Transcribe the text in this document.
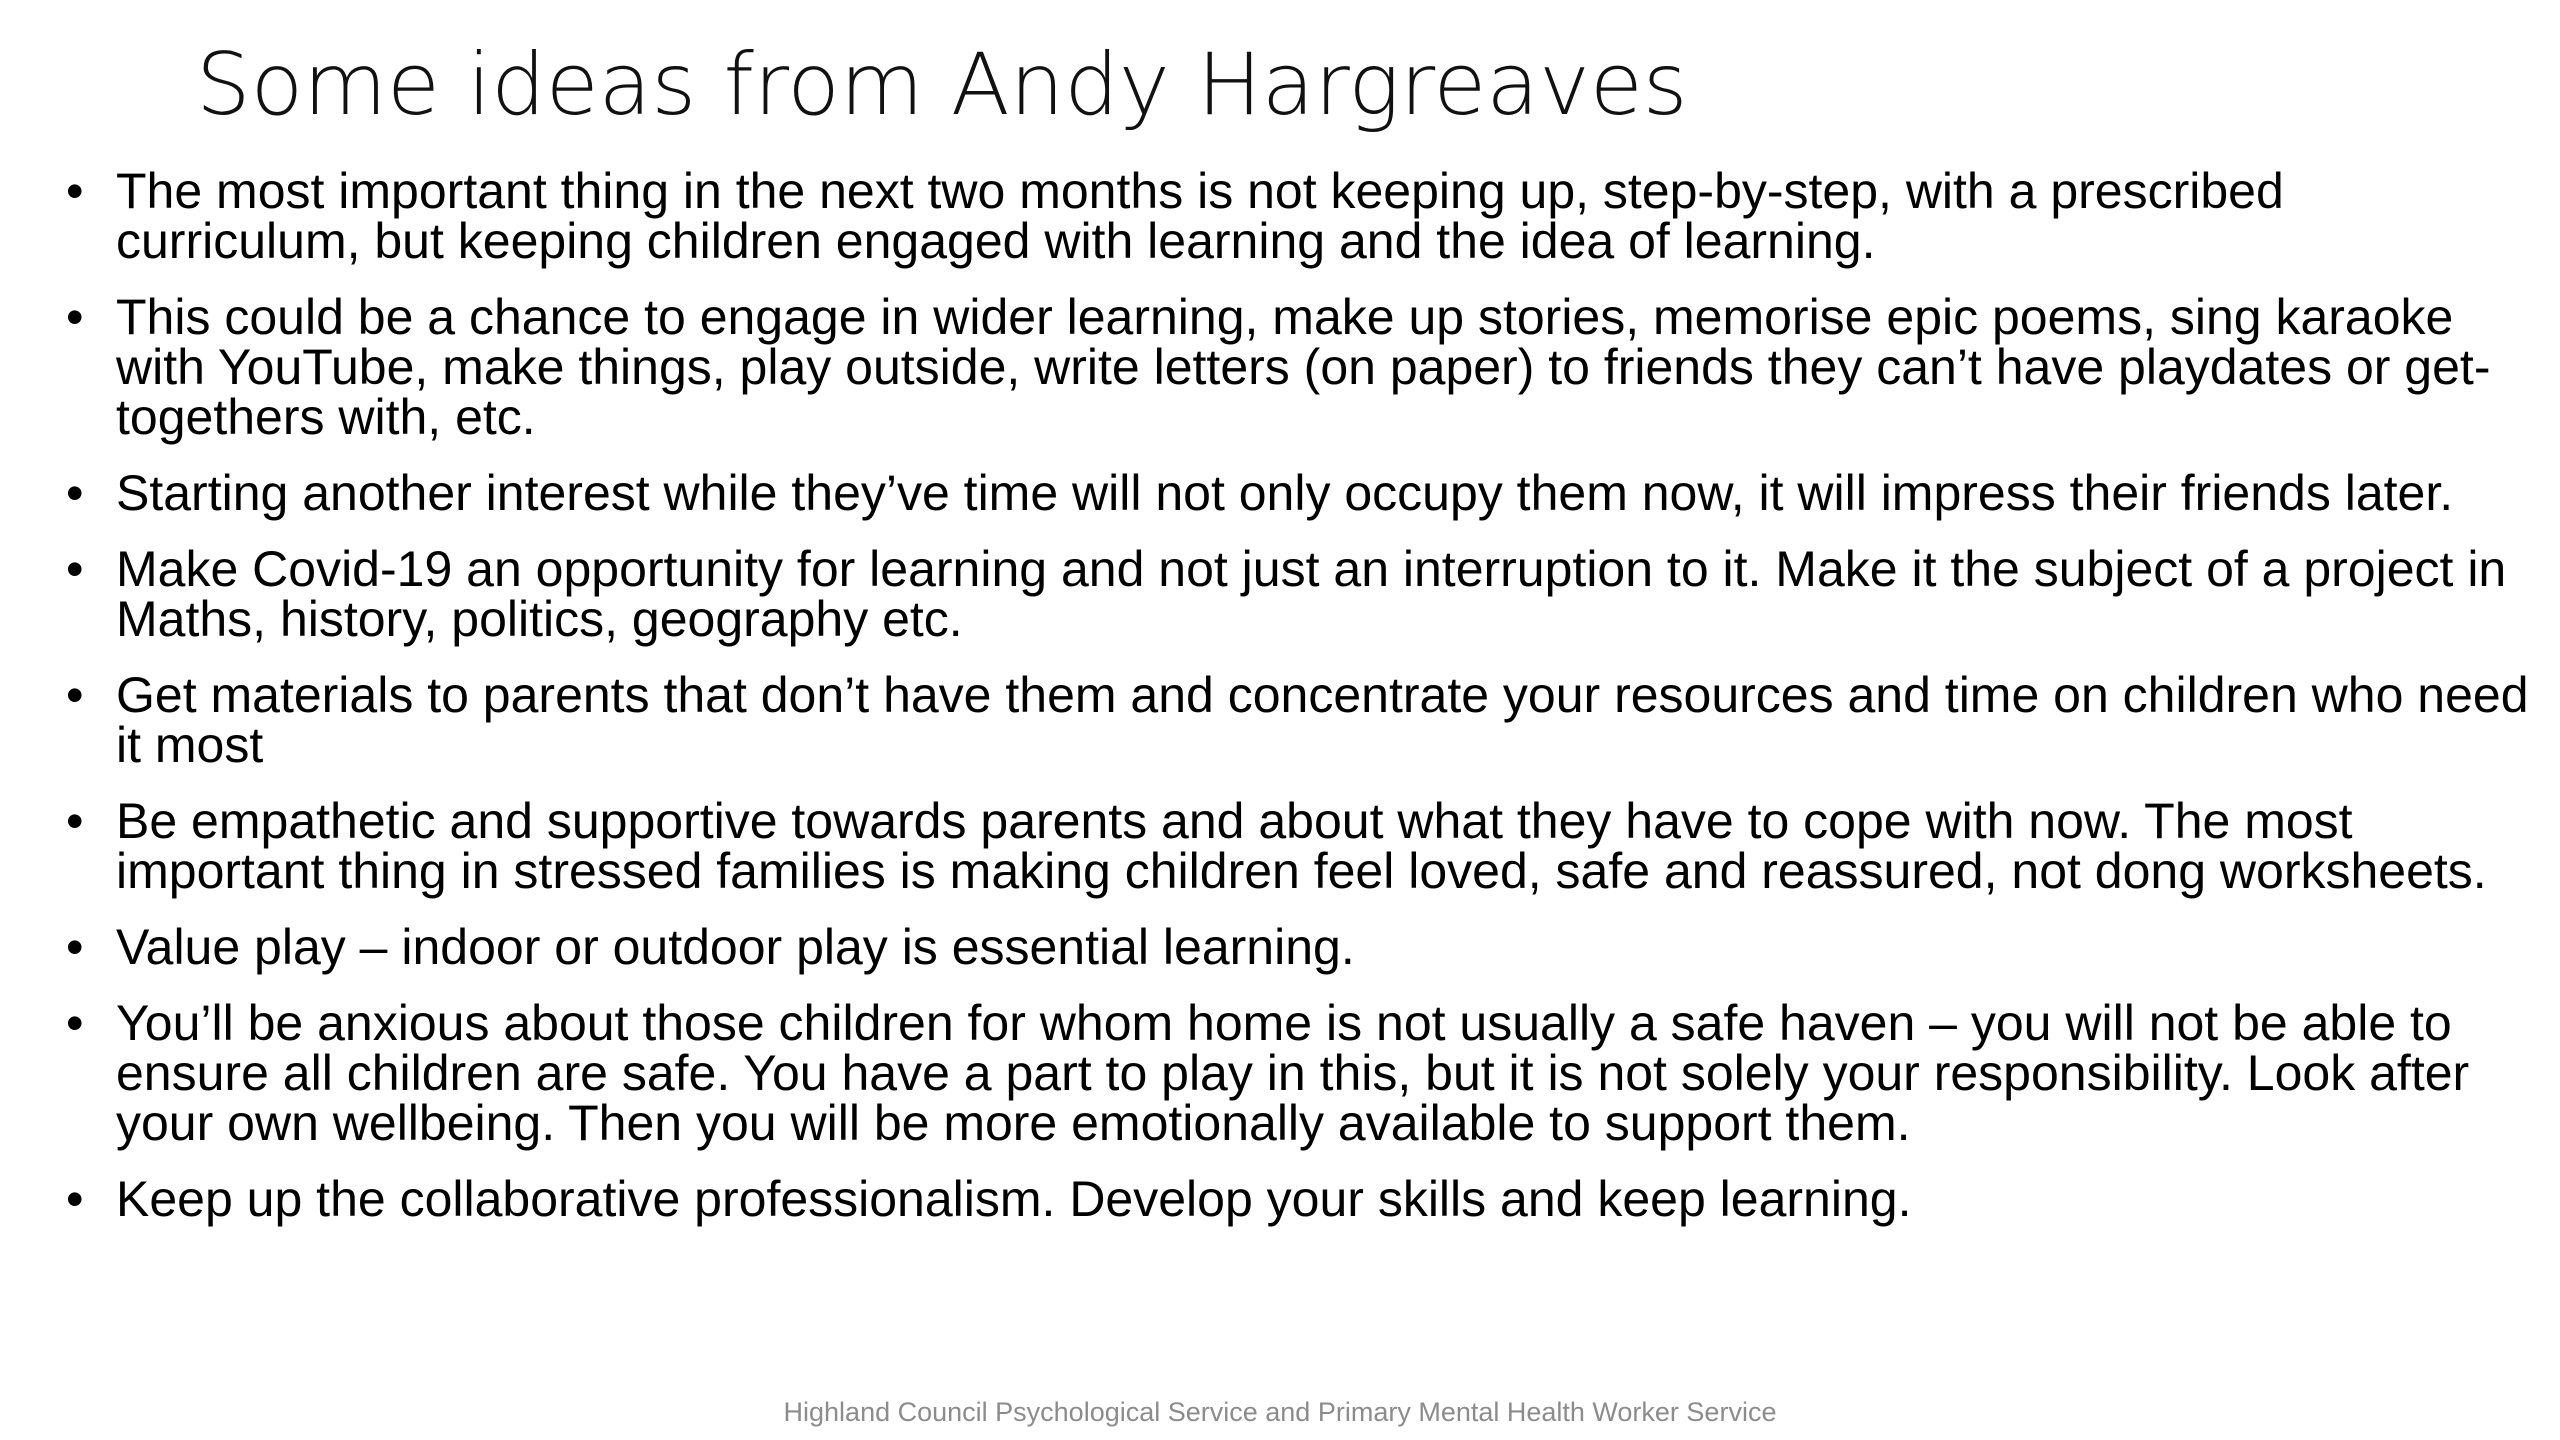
Some ideas from Andy Hargreaves
• The most important thing in the next two months is not keeping up, step-by-step, with a prescribed curriculum, but keeping children engaged with learning and the idea of learning.
• This could be a chance to engage in wider learning, make up stories, memorise epic poems, sing karaoke with YouTube, make things, play outside, write letters (on paper) to friends they can’t have playdates or get-togethers with, etc.
• Starting another interest while they’ve time will not only occupy them now, it will impress their friends later.
• Make Covid-19 an opportunity for learning and not just an interruption to it. Make it the subject of a project in Maths, history, politics, geography etc.
• Get materials to parents that don’t have them and concentrate your resources and time on children who need it most
• Be empathetic and supportive towards parents and about what they have to cope with now. The most important thing in stressed families is making children feel loved, safe and reassured, not dong worksheets.
• Value play – indoor or outdoor play is essential learning.
• You’ll be anxious about those children for whom home is not usually a safe haven – you will not be able to ensure all children are safe. You have a part to play in this, but it is not solely your responsibility. Look after your own wellbeing. Then you will be more emotionally available to support them.
• Keep up the collaborative professionalism. Develop your skills and keep learning.
Highland Council Psychological Service and Primary Mental Health Worker Service
